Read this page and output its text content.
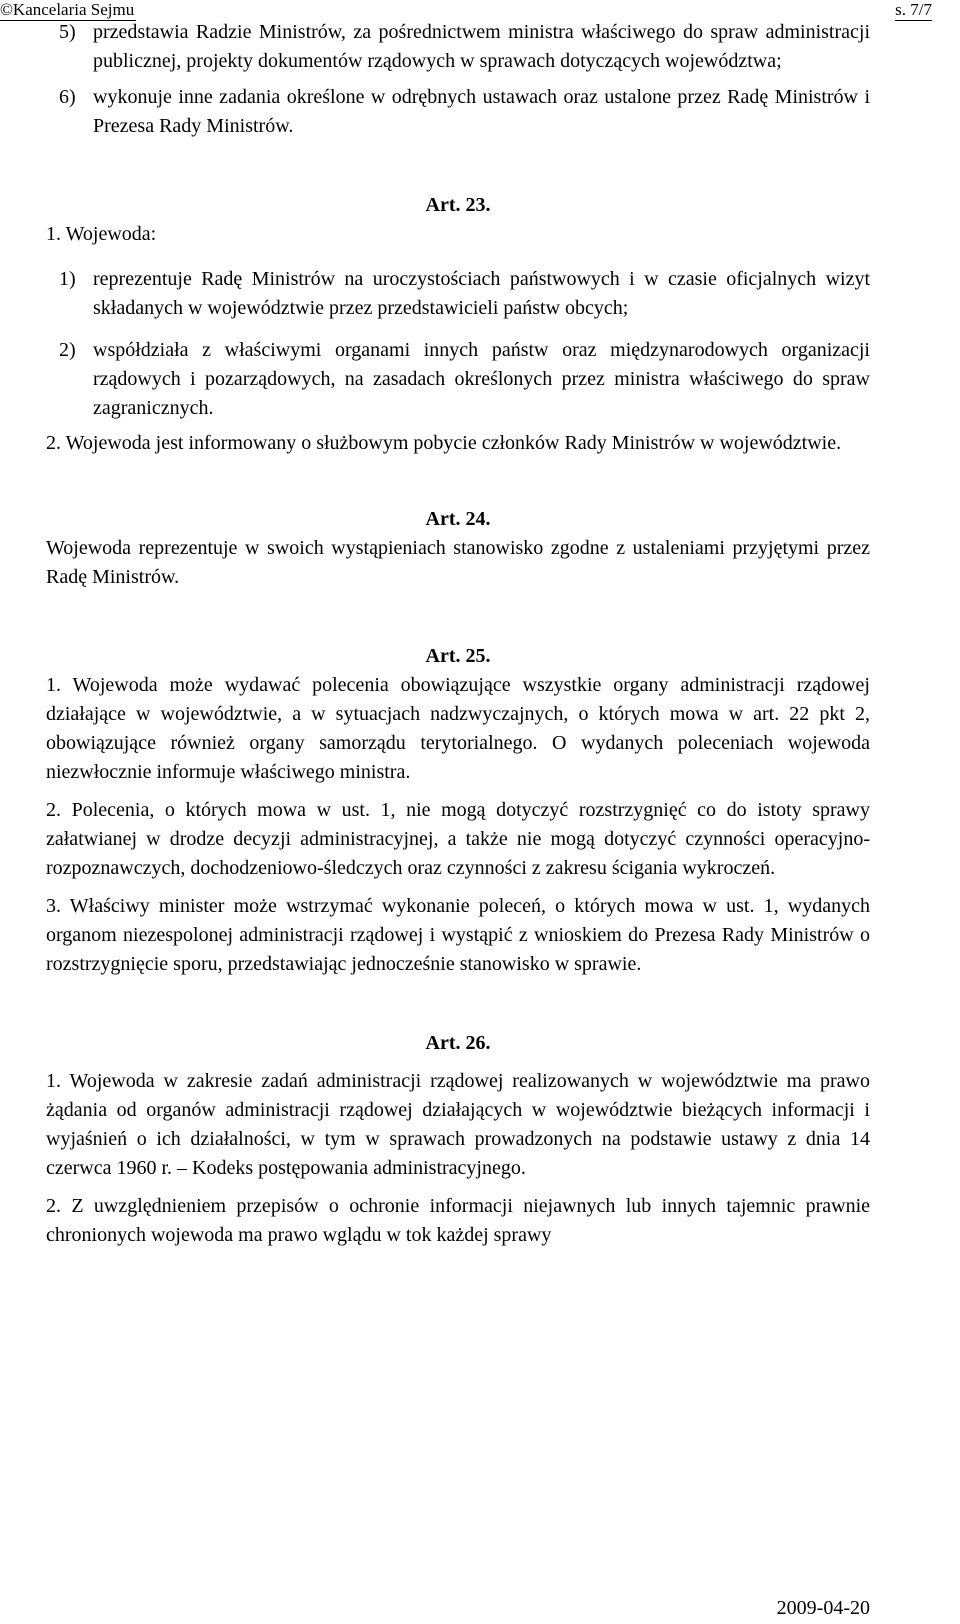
©Kancelaria Sejmu	s. 7/7
5) przedstawia Radzie Ministrów, za pośrednictwem ministra właściwego do spraw administracji publicznej, projekty dokumentów rządowych w sprawach dotyczących województwa;
6) wykonuje inne zadania określone w odrębnych ustawach oraz ustalone przez Radę Ministrów i Prezesa Rady Ministrów.
Art. 23.

1. Wojewoda:

1) reprezentuje Radę Ministrów na uroczystościach państwowych i w czasie oficjalnych wizyt składanych w województwie przez przedstawicieli państw obcych;
2) współdziała z właściwymi organami innych państw oraz międzynarodowych organizacji rządowych i pozarządowych, na zasadach określonych przez ministra właściwego do spraw zagranicznych.

2. Wojewoda jest informowany o służbowym pobycie członków Rady Ministrów w województwie.

Art. 24.

Wojewoda reprezentuje w swoich wystąpieniach stanowisko zgodne z ustaleniami przyjętymi przez Radę Ministrów.

Art. 25.

1. Wojewoda może wydawać polecenia obowiązujące wszystkie organy administracji rządowej działające w województwie, a w sytuacjach nadzwyczajnych, o których mowa w art. 22 pkt 2, obowiązujące również organy samorządu terytorialnego. O wydanych poleceniach wojewoda niezwłocznie informuje właściwego ministra.

2. Polecenia, o których mowa w ust. 1, nie mogą dotyczyć rozstrzygnięć co do istoty sprawy załatwianej w drodze decyzji administracyjnej, a także nie mogą dotyczyć czynności operacyjno-rozpoznawczych, dochodzeniowo-śledczych oraz czynności z zakresu ścigania wykroczeń.

3. Właściwy minister może wstrzymać wykonanie poleceń, o których mowa w ust. 1, wydanych organom niezespolonej administracji rządowej i wystąpić z wnioskiem do Prezesa Rady Ministrów o rozstrzygnięcie sporu, przedstawiając jednocześnie stanowisko w sprawie.

Art. 26.

1. Wojewoda w zakresie zadań administracji rządowej realizowanych w województwie ma prawo żądania od organów administracji rządowej działających w województwie bieżących informacji i wyjaśnień o ich działalności, w tym w sprawach prowadzonych na podstawie ustawy z dnia 14 czerwca 1960 r. – Kodeks postępowania administracyjnego.

2. Z uwzględnieniem przepisów o ochronie informacji niejawnych lub innych tajemnic prawnie chronionych wojewoda ma prawo wglądu w tok każdej sprawy

2009-04-20
